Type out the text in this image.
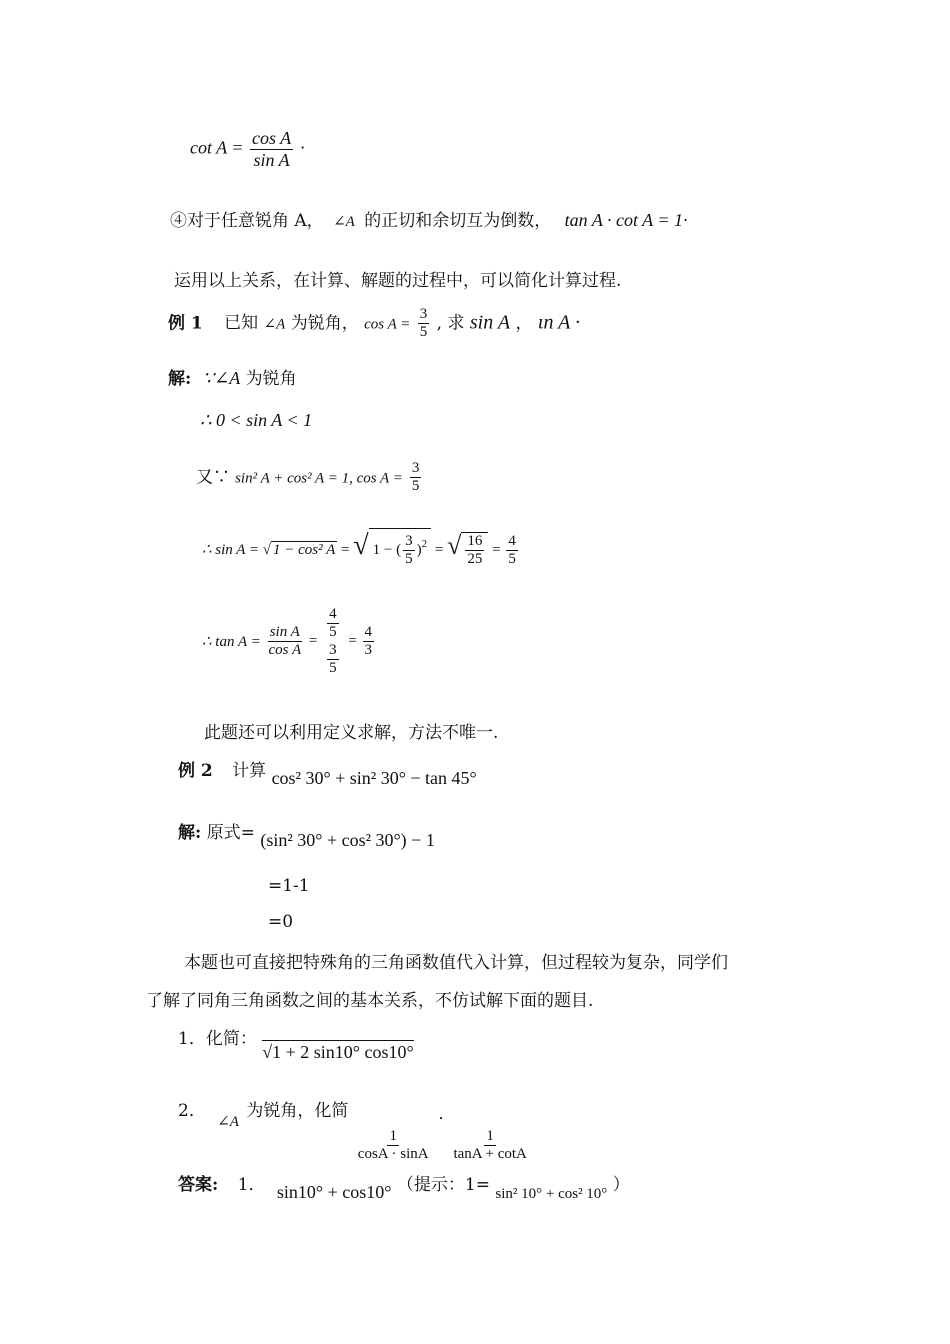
$\cot A = \frac{\text{cos A}}{\text{sin A}}$ ·
④对于任意锐角 A， ∠A 的正切和余切互为倒数， tan A · cot A = 1·
运用以上关系，在计算、解题的过程中，可以简化计算过程.
例 1 已知 ∠A 为锐角， $\cos A = \frac{3}{5}$ , 求 sin A ， ιn A ·
解: ∵∠A 为锐角
∴ 0 < sin A < 1
又∵ sin² A + cos² A = 1, $\cos A = \frac{3}{5}$
∴ sin A = √ 1 − cos² A = √ 1 − ( $\frac{3}{5} )^2$ = √ $\frac{16}{25} = \frac{4}{5}$
∴ $\tan A = \frac{\text{sin A}}{\text{cos A}} = \frac{4}{5}$
$\frac{3}{5}$
= $\frac{4}{3}$
此题还可以利用定义求解，方法不唯一.
例 2 计算 cos² 30° + sin² 30° − tan 45°
解: 原式= (sin² 30° + cos² 30°) − 1
=1-1
=0
本题也可直接把特殊角的三角函数值代入计算，但过程较为复杂，同学们
了解了同角三角函数之间的基本关系，不仿试解下面的题目.
1．化简： √1 + 2 sin10° cos10°
2． ∠A 为锐角，化简
$\frac{1}{\cos A \cdot \sin A}$
·
$\frac{1}{\tan A + \cot A}$
答案: 1． sin10° + cos10° （提示：1= sin² 10° + cos² 10° ）
